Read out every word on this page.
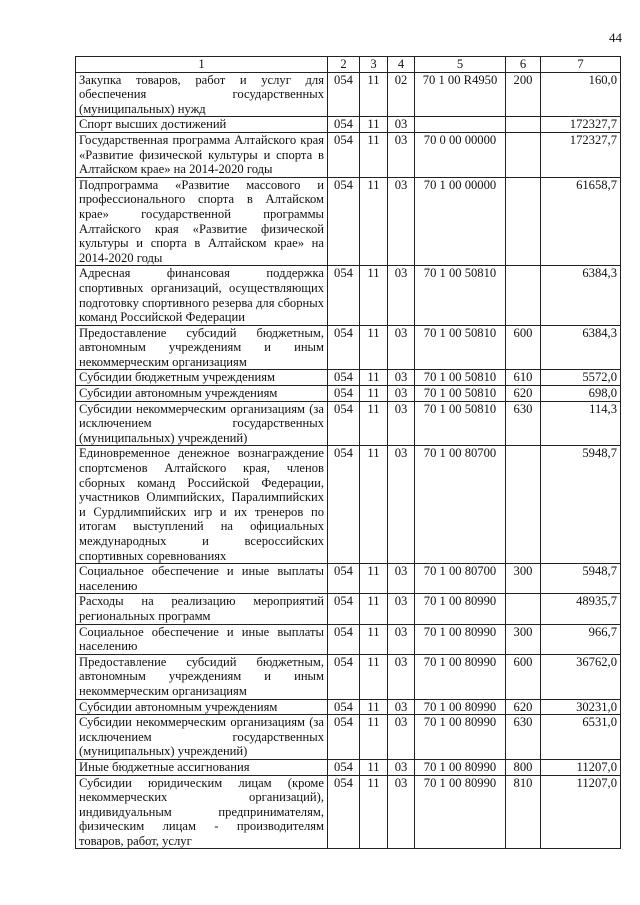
44
1	2	3	4	5	6	7
Закупка товаров, работ и услуг для обеспечения государственных (муниципальных) нужд	054	11	02	70 1 00 R4950	200	160,0
Спорт высших достижений	054	11	03			172327,7
Государственная программа Алтайского края «Развитие физической культуры и спорта в Алтайском крае» на 2014-2020 годы	054	11	03	70 0 00 00000		172327,7
Подпрограмма «Развитие массового и профессионального спорта в Алтайском крае» государственной программы Алтайского края «Развитие физической культуры и спорта в Алтайском крае» на 2014-2020 годы	054	11	03	70 1 00 00000		61658,7
Адресная финансовая поддержка спортивных организаций, осуществляющих подготовку спортивного резерва для сборных команд Российской Федерации	054	11	03	70 1 00 50810		6384,3
Предоставление субсидий бюджетным, автономным учреждениям и иным некоммерческим организациям	054	11	03	70 1 00 50810	600	6384,3
Субсидии бюджетным учреждениям	054	11	03	70 1 00 50810	610	5572,0
Субсидии автономным учреждениям	054	11	03	70 1 00 50810	620	698,0
Субсидии некоммерческим организациям (за исключением государственных (муниципальных) учреждений)	054	11	03	70 1 00 50810	630	114,3
Единовременное денежное вознаграждение спортсменов Алтайского края, членов сборных команд Российской Федерации, участников Олимпийских, Паралимпийских и Сурдлимпийских игр и их тренеров по итогам выступлений на официальных международных и всероссийских спортивных соревнованиях	054	11	03	70 1 00 80700		5948,7
Социальное обеспечение и иные выплаты населению	054	11	03	70 1 00 80700	300	5948,7
Расходы на реализацию мероприятий региональных программ	054	11	03	70 1 00 80990		48935,7
Социальное обеспечение и иные выплаты населению	054	11	03	70 1 00 80990	300	966,7
Предоставление субсидий бюджетным, автономным учреждениям и иным некоммерческим организациям	054	11	03	70 1 00 80990	600	36762,0
Субсидии автономным учреждениям	054	11	03	70 1 00 80990	620	30231,0
Субсидии некоммерческим организациям (за исключением государственных (муниципальных) учреждений)	054	11	03	70 1 00 80990	630	6531,0
Иные бюджетные ассигнования	054	11	03	70 1 00 80990	800	11207,0
Субсидии юридическим лицам (кроме некоммерческих организаций), индивидуальным предпринимателям, физическим лицам - производителям товаров, работ, услуг	054	11	03	70 1 00 80990	810	11207,0
